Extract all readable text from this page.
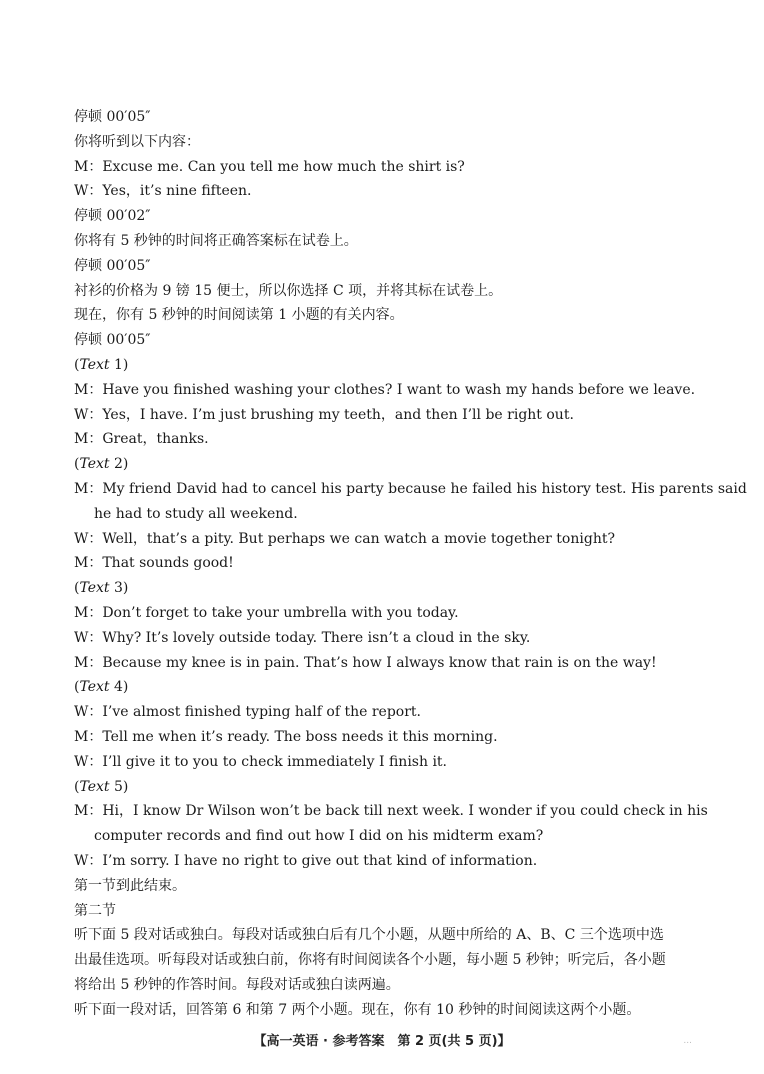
停顿 00′05″
你将听到以下内容：
M：Excuse me. Can you tell me how much the shirt is?
W：Yes，it’s nine fifteen.
停顿 00′02″
你将有 5 秒钟的时间将正确答案标在试卷上。
停顿 00′05″
衬衫的价格为 9 镑 15 便士，所以你选择 C 项，并将其标在试卷上。
现在，你有 5 秒钟的时间阅读第 1 小题的有关内容。
停顿 00′05″
(Text 1)
M：Have you finished washing your clothes? I want to wash my hands before we leave.
W：Yes，I have. I’m just brushing my teeth，and then I’ll be right out.
M：Great，thanks.
(Text 2)
M：My friend David had to cancel his party because he failed his history test. His parents said
he had to study all weekend.
W：Well，that’s a pity. But perhaps we can watch a movie together tonight?
M：That sounds good!
(Text 3)
M：Don’t forget to take your umbrella with you today.
W：Why? It’s lovely outside today. There isn’t a cloud in the sky.
M：Because my knee is in pain. That’s how I always know that rain is on the way!
(Text 4)
W：I’ve almost finished typing half of the report.
M：Tell me when it’s ready. The boss needs it this morning.
W：I’ll give it to you to check immediately I finish it.
(Text 5)
M：Hi，I know Dr Wilson won’t be back till next week. I wonder if you could check in his
computer records and find out how I did on his midterm exam?
W：I’m sorry. I have no right to give out that kind of information.
第一节到此结束。
第二节
听下面 5 段对话或独白。每段对话或独白后有几个小题，从题中所给的 A、B、C 三个选项中选
出最佳选项。听每段对话或独白前，你将有时间阅读各个小题，每小题 5 秒钟；听完后，各小题
将给出 5 秒钟的作答时间。每段对话或独白读两遍。
听下面一段对话，回答第 6 和第 7 两个小题。现在，你有 10 秒钟的时间阅读这两个小题。
【高一英语 · 参考答案　第 2 页(共 5 页)】	...
